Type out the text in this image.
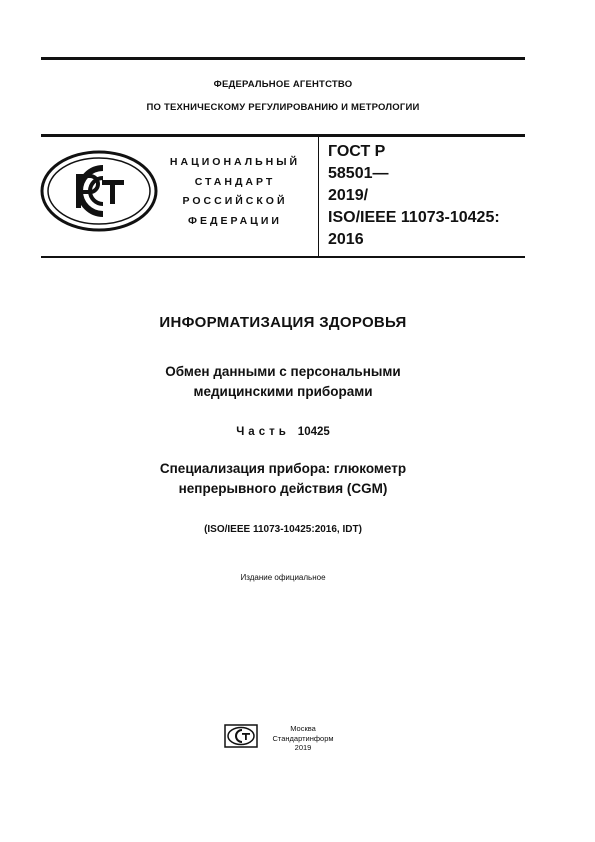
ФЕДЕРАЛЬНОЕ АГЕНТСТВО
ПО ТЕХНИЧЕСКОМУ РЕГУЛИРОВАНИЮ И МЕТРОЛОГИИ
НАЦИОНАЛЬНЫЙ
СТАНДАРТ
РОССИЙСКОЙ
ФЕДЕРАЦИИ
ГОСТ Р
58501—
2019/
ISO/IEEE 11073-10425:
2016
ИНФОРМАТИЗАЦИЯ ЗДОРОВЬЯ
Обмен данными с персональными
медицинскими приборами
Часть 10425
Специализация прибора: глюкометр
непрерывного действия (CGM)
(ISO/IEEE 11073-10425:2016, IDT)
Издание официальное
Москва
Стандартинформ
2019
